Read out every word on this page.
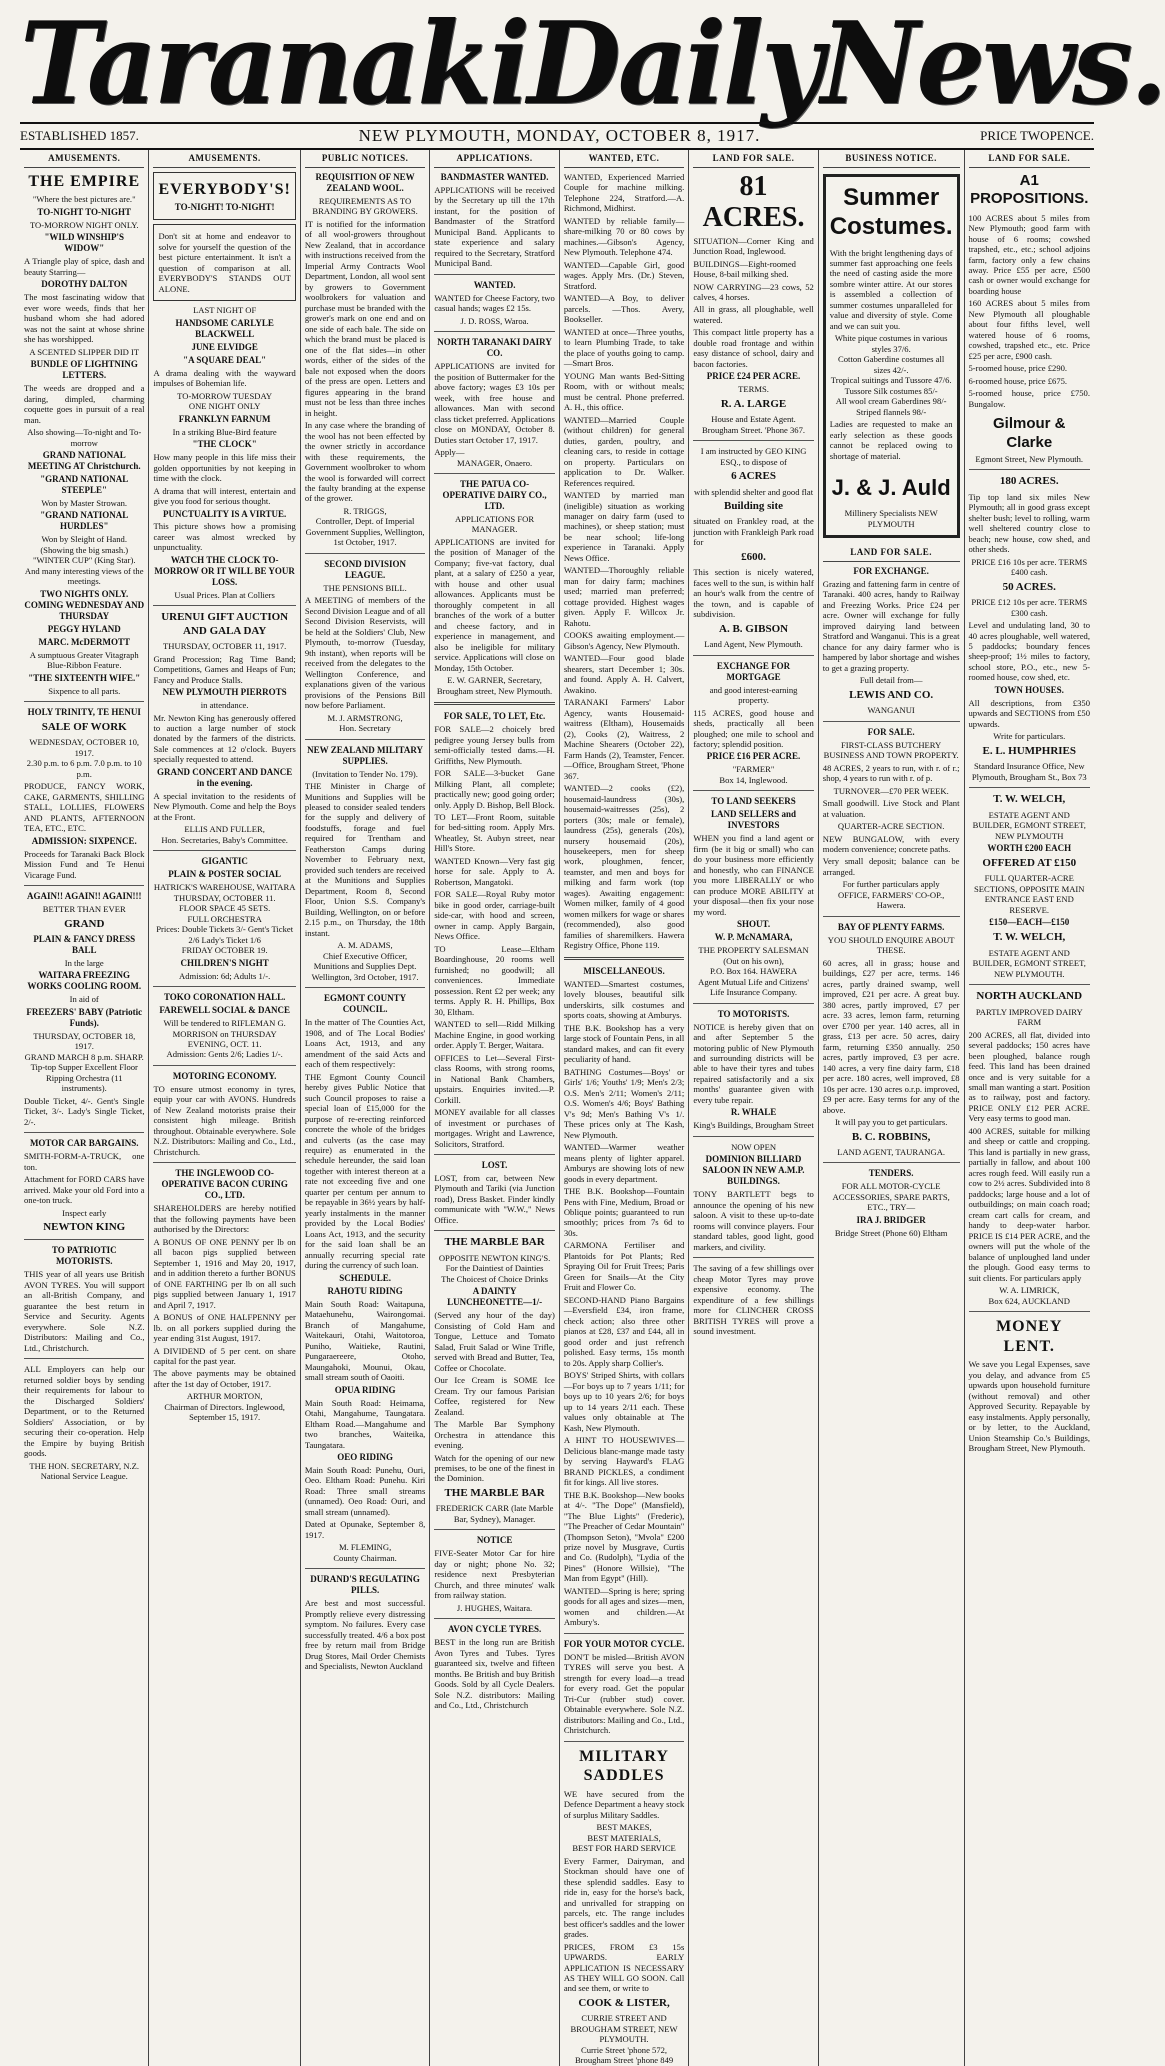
Taranaki Daily News.
ESTABLISHED 1857.	NEW PLYMOUTH, MONDAY, OCTOBER 8, 1917.	PRICE TWOPENCE.
AMUSEMENTS.
THE EMPIRE
"Where the best pictures are."
TO-NIGHT TO-NIGHT
TO-MORROW NIGHT ONLY.
"WILD WINSHIP'S WIDOW"

A Triangle play of spice, dash and beauty Starring—

DOROTHY DALTON

The most fascinating widow that ever wore weeds, finds that her husband whom she had adored was not the saint at whose shrine she has worshipped.

A SCENTED SLIPPER DID IT
BUNDLE OF LIGHTNING LETTERS.

The weeds are dropped and a daring, dimpled, charming coquette goes in pursuit of a real man.

Also showing—To-night and To-morrow
GRAND NATIONAL MEETING AT Christchurch.
"GRAND NATIONAL STEEPLE"
Won by Master Strowan.
"GRAND NATIONAL HURDLES"
Won by Sleight of Hand. (Showing the big smash.)
"WINTER CUP" (King Star).
And many interesting views of the meetings.
TWO NIGHTS ONLY. COMING WEDNESDAY AND THURSDAY
PEGGY HYLAND
MARC. McDERMOTT
A sumptuous Greater Vitagraph Blue-Ribbon Feature.
"THE SIXTEENTH WIFE."
Sixpence to all parts.
HOLY TRINITY, TE HENUI
SALE OF WORK
WEDNESDAY, OCTOBER 10, 1917.
2.30 p.m. to 6 p.m. 7.0 p.m. to 10 p.m.

PRODUCE, FANCY WORK, CAKE, GARMENTS, SHILLING STALL, LOLLIES, FLOWERS AND PLANTS, AFTERNOON TEA, ETC., ETC.

ADMISSION: SIXPENCE.

Proceeds for Taranaki Back Block Mission Fund and Te Henui Vicarage Fund.

AGAIN!! AGAIN!! AGAIN!!!
BETTER THAN EVER
GRAND
PLAIN & FANCY DRESS BALL
In the large
WAITARA FREEZING WORKS COOLING ROOM.
In aid of
FREEZERS' BABY (Patriotic Funds).
THURSDAY, OCTOBER 18, 1917.
GRAND MARCH 8 p.m. SHARP.
Tip-top Supper Excellent Floor
Ripping Orchestra (11 instruments).

Double Ticket, 4/-. Gent's Single Ticket, 3/-. Lady's Single Ticket, 2/-.

MOTOR CAR BARGAINS.

SMITH-FORM-A-TRUCK, one ton.

Attachment for FORD CARS have arrived. Make your old Ford into a one-ton truck.

Inspect early
NEWTON KING
TO PATRIOTIC MOTORISTS.

THIS year of all years use British AVON TYRES. You will support an all-British Company, and guarantee the best return in Service and Security. Agents everywhere. Sole N.Z. Distributors: Mailing and Co., Ltd., Christchurch.

ALL Employers can help our returned soldier boys by sending their requirements for labour to the Discharged Soldiers' Department, or to the Returned Soldiers' Association, or by securing their co-operation. Help the Empire by buying British goods.

THE HON. SECRETARY, N.Z. National Service League.
AMUSEMENTS.
EVERYBODY'S!
TO-NIGHT! TO-NIGHT!

Don't sit at home and endeavor to solve for yourself the question of the best picture entertainment. It isn't a question of comparison at all. EVERYBODY'S STANDS OUT ALONE.

LAST NIGHT OF
HANDSOME CARLYLE BLACKWELL
JUNE ELVIDGE
"A SQUARE DEAL"

A drama dealing with the wayward impulses of Bohemian life.

TO-MORROW TUESDAY
ONE NIGHT ONLY
FRANKLYN FARNUM
In a striking Blue-Bird feature
"THE CLOCK"

How many people in this life miss their golden opportunities by not keeping in time with the clock.

A drama that will interest, entertain and give you food for serious thought.

PUNCTUALITY IS A VIRTUE.

This picture shows how a promising career was almost wrecked by unpunctuality.

WATCH THE CLOCK TO-MORROW OR IT WILL BE YOUR LOSS.
Usual Prices. Plan at Colliers
URENUI GIFT AUCTION AND GALA DAY
THURSDAY, OCTOBER 11, 1917.

Grand Procession; Rag Time Band; Competitions, Games and Heaps of Fun; Fancy and Produce Stalls.

NEW PLYMOUTH PIERROTS
in attendance.

Mr. Newton King has generously offered to auction a large number of stock donated by the farmers of the districts. Sale commences at 12 o'clock. Buyers specially requested to attend.

GRAND CONCERT AND DANCE in the evening.

A special invitation to the residents of New Plymouth. Come and help the Boys at the Front.

ELLIS AND FULLER,
Hon. Secretaries, Baby's Committee.
GIGANTIC
PLAIN & POSTER SOCIAL
HATRICK'S WAREHOUSE, WAITARA THURSDAY, OCTOBER 11.
FLOOR SPACE 45 SETS.
FULL ORCHESTRA
Prices: Double Tickets 3/- Gent's Ticket 2/6 Lady's Ticket 1/6
FRIDAY OCTOBER 19.
CHILDREN'S NIGHT
Admission: 6d; Adults 1/-.
TOKO CORONATION HALL.
FAREWELL SOCIAL & DANCE
Will be tendered to RIFLEMAN G. MORRISON on THURSDAY EVENING, OCT. 11.
Admission: Gents 2/6; Ladies 1/-.
MOTORING ECONOMY.

TO ensure utmost economy in tyres, equip your car with AVONS. Hundreds of New Zealand motorists praise their consistent high mileage. British throughout. Obtainable everywhere. Sole N.Z. Distributors: Mailing and Co., Ltd., Christchurch.

THE INGLEWOOD CO-OPERATIVE BACON CURING CO., LTD.

SHAREHOLDERS are hereby notified that the following payments have been authorised by the Directors:

A BONUS OF ONE PENNY per lb on all bacon pigs supplied between September 1, 1916 and May 20, 1917, and in addition thereto a further BONUS of ONE FARTHING per lb on all such pigs supplied between January 1, 1917 and April 7, 1917.

A BONUS of ONE HALFPENNY per lb. on all porkers supplied during the year ending 31st August, 1917.

A DIVIDEND of 5 per cent. on share capital for the past year.

The above payments may be obtained after the 1st day of October, 1917.

ARTHUR MORTON,
Chairman of Directors. Inglewood, September 15, 1917.
PUBLIC NOTICES.
REQUISITION OF NEW ZEALAND WOOL.
REQUIREMENTS AS TO BRANDING BY GROWERS.

IT is notified for the information of all wool-growers throughout New Zealand, that in accordance with instructions received from the Imperial Army Contracts Wool Department, London, all wool sent by growers to Government woolbrokers for valuation and purchase must be branded with the grower's mark on one end and on one side of each bale. The side on which the brand must be placed is one of the flat sides—in other words, either of the sides of the bale not exposed when the doors of the press are open. Letters and figures appearing in the brand must not be less than three inches in height.

In any case where the branding of the wool has not been effected by the owner strictly in accordance with these requirements, the Government woolbroker to whom the wool is forwarded will correct the faulty branding at the expense of the grower.

R. TRIGGS,
Controller, Dept. of Imperial Government Supplies, Wellington, 1st October, 1917.
SECOND DIVISION LEAGUE.
THE PENSIONS BILL.

A MEETING of members of the Second Division League and of all Second Division Reservists, will be held at the Soldiers' Club, New Plymouth, to-morrow (Tuesday, 9th instant), when reports will be received from the delegates to the Wellington Conference, and explanations given of the various provisions of the Pensions Bill now before Parliament.

M. J. ARMSTRONG,
Hon. Secretary
NEW ZEALAND MILITARY SUPPLIES.
(Invitation to Tender No. 179).

THE Minister in Charge of Munitions and Supplies will be pleased to consider sealed tenders for the supply and delivery of foodstuffs, forage and fuel required for Trentham and Featherston Camps during November to February next, provided such tenders are received at the Munitions and Supplies Department, Room 8, Second Floor, Union S.S. Company's Building, Wellington, on or before 2.15 p.m., on Thursday, the 18th instant.

A. M. ADAMS,
Chief Executive Officer, Munitions and Supplies Dept. Wellington, 3rd October, 1917.
EGMONT COUNTY COUNCIL.

In the matter of The Counties Act, 1908, and of The Local Bodies' Loans Act, 1913, and any amendment of the said Acts and each of them respectively:

THE Egmont County Council hereby gives Public Notice that such Council proposes to raise a special loan of £15,000 for the purpose of re-erecting reinforced concrete the whole of the bridges and culverts (as the case may require) as enumerated in the schedule hereunder, the said loan together with interest thereon at a rate not exceeding five and one quarter per centum per annum to be repayable in 36½ years by half-yearly instalments in the manner provided by the Local Bodies' Loans Act, 1913, and the security for the said loan shall be an annually recurring special rate during the currency of such loan.

SCHEDULE.
RAHOTU RIDING

Main South Road: Waitapuna, Mataehunehu, Wairongomai. Branch of Mangahume, Waitekauri, Otahi, Waitotoroa, Puniho, Waitieke, Rautini, Pungaraereere, Otoho, Maungahoki, Mounui, Okau, small stream south of Oaoiti.

OPUA RIDING

Main South Road: Heimama, Otahi, Mangahume, Taungatara. Eltham Road.—Mangahume and two branches, Waiteika, Taungatara.

OEO RIDING

Main South Road: Punehu, Ouri, Oeo. Eltham Road: Punehu. Kiri Road: Three small streams (unnamed). Oeo Road: Ouri, and small stream (unnamed).

Dated at Opunake, September 8, 1917.

M. FLEMING,
County Chairman.
DURAND'S REGULATING PILLS.

Are best and most successful. Promptly relieve every distressing symptom. No failures. Every case successfully treated. 4/6 a box post free by return mail from Bridge Drug Stores, Mail Order Chemists and Specialists, Newton Auckland

APPLICATIONS.
BANDMASTER WANTED.

APPLICATIONS will be received by the Secretary up till the 17th instant, for the position of Bandmaster of the Stratford Municipal Band. Applicants to state experience and salary required to the Secretary, Stratford Municipal Band.

WANTED.

WANTED for Cheese Factory, two casual hands; wages £2 15s.

J. D. ROSS, Waroa.
NORTH TARANAKI DAIRY CO.

APPLICATIONS are invited for the position of Buttermaker for the above factory; wages £3 10s per week, with free house and allowances. Man with second class ticket preferred. Applications close on MONDAY, October 8. Duties start October 17, 1917.

Apply—
MANAGER, Onaero.
THE PATUA CO-OPERATIVE DAIRY CO., LTD.
APPLICATIONS FOR MANAGER.

APPLICATIONS are invited for the position of Manager of the Company; five-vat factory, dual plant, at a salary of £250 a year, with house and other usual allowances. Applicants must be thoroughly competent in all branches of the work of a butter and cheese factory, and in experience in management, and also be ineligible for military service. Applications will close on Monday, 15th October.

E. W. GARNER, Secretary, Brougham street, New Plymouth.
FOR SALE, TO LET, Etc.

FOR SALE—2 choicely bred pedigree young Jersey bulls from semi-officially tested dams.—H. Griffiths, New Plymouth.

FOR SALE—3-bucket Gane Milking Plant, all complete; practically new; good going order; only. Apply D. Bishop, Bell Block.

TO LET—Front Room, suitable for bed-sitting room. Apply Mrs. Wheatley, St. Aubyn street, near Hill's Store.

WANTED Known—Very fast gig horse for sale. Apply to A. Robertson, Mangatoki.

FOR SALE—Royal Ruby motor bike in good order, carriage-built side-car, with hood and screen, owner in camp. Apply Bargain, News Office.

TO Lease—Eltham Boardinghouse, 20 rooms well furnished; no goodwill; all conveniences. Immediate possession. Rent £2 per week; any terms. Apply R. H. Phillips, Box 30, Eltham.

WANTED to sell—Ridd Milking Machine Engine, in good working order. Apply T. Berger, Waitara.

OFFICES to Let—Several First-class Rooms, with strong rooms, in National Bank Chambers, upstairs. Enquiries invited.—P. Corkill.

MONEY available for all classes of investment or purchases of mortgages. Wright and Lawrence, Solicitors, Stratford.

LOST.

LOST, from car, between New Plymouth and Tariki (via Junction road), Dress Basket. Finder kindly communicate with "W.W.," News Office.

THE MARBLE BAR
OPPOSITE NEWTON KING'S.
For the Daintiest of Dainties
The Choicest of Choice Drinks
A DAINTY LUNCHEONETTE—1/-

(Served any hour of the day) Consisting of Cold Ham and Tongue, Lettuce and Tomato Salad, Fruit Salad or Wine Trifle, served with Bread and Butter, Tea, Coffee or Chocolate.

Our Ice Cream is SOME Ice Cream. Try our famous Parisian Coffee, registered for New Zealand.

The Marble Bar Symphony Orchestra in attendance this evening.

Watch for the opening of our new premises, to be one of the finest in the Dominion.

THE MARBLE BAR
FREDERICK CARR (late Marble Bar, Sydney), Manager.
NOTICE

FIVE-Seater Motor Car for hire day or night; phone No. 32; residence next Presbyterian Church, and three minutes' walk from railway station.

J. HUGHES, Waitara.
AVON CYCLE TYRES.

BEST in the long run are British Avon Tyres and Tubes. Tyres guaranteed six, twelve and fifteen months. Be British and buy British Goods. Sold by all Cycle Dealers. Sole N.Z. distributors: Mailing and Co., Ltd., Christchurch

WANTED, ETC.

WANTED, Experienced Married Couple for machine milking. Telephone 224, Stratford.—A. Richmond, Midhirst.

WANTED by reliable family—share-milking 70 or 80 cows by machines.—Gibson's Agency, New Plymouth. Telephone 474.

WANTED—Capable Girl, good wages. Apply Mrs. (Dr.) Steven, Stratford.

WANTED—A Boy, to deliver parcels. —Thos. Avery, Bookseller.

WANTED at once—Three youths, to learn Plumbing Trade, to take the place of youths going to camp.—Smart Bros.

YOUNG Man wants Bed-Sitting Room, with or without meals; must be central. Phone preferred. A. H., this office.

WANTED—Married Couple (without children) for general duties, garden, poultry, and cleaning cars, to reside in cottage on property. Particulars on application to Dr. Walker. References required.

WANTED by married man (ineligible) situation as working manager on dairy farm (used to machines), or sheep station; must be near school; life-long experience in Taranaki. Apply News Office.

WANTED—Thoroughly reliable man for dairy farm; machines used; married man preferred; cottage provided. Highest wages given. Apply F. Willcox Jr. Rahotu.

COOKS awaiting employment.—Gibson's Agency, New Plymouth.

WANTED—Four good blade shearers, start December 1; 30s. and found. Apply A. H. Calvert, Awakino.

TARANAKI Farmers' Labor Agency, wants Housemaid-waitress (Eltham), Housemaids (2), Cooks (2), Waitress, 2 Machine Shearers (October 22), Farm Hands (2), Teamster, Fencer.—Office, Brougham Street, 'Phone 367.

WANTED—2 cooks (£2), housemaid-laundress (30s), housemaid-waitresses (25s), 2 porters (30s; male or female), laundress (25s), generals (20s), nursery housemaid (20s), housekeepers, men for sheep work, ploughmen, fencer, teamster, and men and boys for milking and farm work (top wages). Awaiting engagement: Women milker, family of 4 good women milkers for wage or shares (recommended), also good families of sharemilkers. Hawera Registry Office, Phone 119.

MISCELLANEOUS.

WANTED—Smartest costumes, lovely blouses, beautiful silk underskirts, silk costumes and sports coats, showing at Amburys.

THE B.K. Bookshop has a very large stock of Fountain Pens, in all standard makes, and can fit every peculiarity of hand.

BATHING Costumes—Boys' or Girls' 1/6; Youths' 1/9; Men's 2/3; O.S. Men's 2/11; Women's 2/11; O.S. Women's 4/6; Boys' Bathing V's 9d; Men's Bathing V's 1/. These prices only at The Kash, New Plymouth.

WANTED—Warmer weather means plenty of lighter apparel. Amburys are showing lots of new goods in every department.

THE B.K. Bookshop—Fountain Pens with Fine, Medium, Broad or Oblique points; guaranteed to run smoothly; prices from 7s 6d to 30s.

CARMONA Fertiliser and Plantoids for Pot Plants; Red Spraying Oil for Fruit Trees; Paris Green for Snails—At the City Fruit and Flower Co.

SECOND-HAND Piano Bargains—Eversfield £34, iron frame, check action; also three other pianos at £28, £37 and £44, all in good order and just refrench polished. Easy terms, 15s month to 20s. Apply sharp Collier's.

BOYS' Striped Shirts, with collars—For boys up to 7 years 1/11; for boys up to 10 years 2/6; for boys up to 14 years 2/11 each. These values only obtainable at The Kash, New Plymouth.

A HINT TO HOUSEWIVES—Delicious blanc-mange made tasty by serving Hayward's FLAG BRAND PICKLES, a condiment fit for kings. All live stores.

THE B.K. Bookshop—New books at 4/-. "The Dope" (Mansfield), "The Blue Lights" (Frederic), "The Preacher of Cedar Mountain" (Thompson Seton), "Mvola" £200 prize novel by Musgrave, Curtis and Co. (Rudolph), "Lydia of the Pines" (Honore Willsie), "The Man from Egypt" (Hill).

WANTED—Spring is here; spring goods for all ages and sizes—men, women and children.—At Ambury's.

FOR YOUR MOTOR CYCLE.

DON'T be misled—British AVON TYRES will serve you best. A strength for every load—a tread for every road. Get the popular Tri-Cur (rubber stud) cover. Obtainable everywhere. Sole N.Z. distributors: Mailing and Co., Ltd., Christchurch.

MILITARY SADDLES

WE have secured from the Defence Department a heavy stock of surplus Military Saddles.

BEST MAKES,
BEST MATERIALS,
BEST FOR HARD SERVICE

Every Farmer, Dairyman, and Stockman should have one of these splendid saddles. Easy to ride in, easy for the horse's back, and unrivalled for strapping on parcels, etc. The range includes best officer's saddles and the lower grades.

PRICES, FROM £3 15s UPWARDS. EARLY APPLICATION IS NECESSARY AS THEY WILL GO SOON. Call and see them, or write to

COOK & LISTER,
CURRIE STREET AND BROUGHAM STREET, NEW PLYMOUTH.
Currie Street 'phone 572, Brougham Street 'phone 849
LAND FOR SALE.
81 ACRES.

SITUATION—Corner King and Junction Road, Inglewood.

BUILDINGS—Eight-roomed House, 8-bail milking shed.

NOW CARRYING—23 cows, 52 calves, 4 horses.

All in grass, all ploughable, well watered.

This compact little property has a double road frontage and within easy distance of school, dairy and bacon factories.

PRICE £24 PER ACRE.
TERMS.
R. A. LARGE
House and Estate Agent. Brougham Street. 'Phone 367.
I am instructed by GEO KING ESQ., to dispose of
6 ACRES
with splendid shelter and good flat
Building site

situated on Frankley road, at the junction with Frankleigh Park road for

£600.

This section is nicely watered, faces well to the sun, is within half an hour's walk from the centre of the town, and is capable of subdivision.

A. B. GIBSON
Land Agent, New Plymouth.
EXCHANGE FOR MORTGAGE
and good interest-earning property.

115 ACRES, good house and sheds, practically all been ploughed; one mile to school and factory; splendid position.

PRICE £16 PER ACRE.
"FARMER"
Box 14, Inglewood.
TO LAND SEEKERS
LAND SELLERS and INVESTORS

WHEN you find a land agent or firm (be it big or small) who can do your business more efficiently and honestly, who can FINANCE you more LIBERALLY or who can produce MORE ABILITY at your disposal—then fix your nose my word.

SHOUT.
W. P. McNAMARA,
THE PROPERTY SALESMAN (Out on his own),
P.O. Box 164. HAWERA
Agent Mutual Life and Citizens' Life Insurance Company.
TO MOTORISTS.

NOTICE is hereby given that on and after September 5 the motoring public of New Plymouth and surrounding districts will be able to have their tyres and tubes repaired satisfactorily and a six months' guarantee given with every tube repair.

R. WHALE
King's Buildings, Brougham Street
NOW OPEN
DOMINION BILLIARD SALOON IN NEW A.M.P. BUILDINGS.

TONY BARTLETT begs to announce the opening of his new saloon. A visit to these up-to-date rooms will convince players. Four standard tables, good light, good markers, and civility.

The saving of a few shillings over cheap Motor Tyres may prove expensive economy. The expenditure of a few shillings more for CLINCHER CROSS BRITISH TYRES will prove a sound investment.

BUSINESS NOTICE.
Summer
Costumes.

With the bright lengthening days of summer fast approaching one feels the need of casting aside the more sombre winter attire. At our stores is assembled a collection of summer costumes unparalleled for value and diversity of style. Come and we can suit you.

White pique costumes in various styles 37/6.
Cotton Gaberdine costumes all sizes 42/-.
Tropical suitings and Tussore 47/6.
Tussore Silk costumes 85/-
All wool cream Gaberdines 98/-
Striped flannels 98/-

Ladies are requested to make an early selection as these goods cannot be replaced owing to shortage of material.

J. & J. Auld
Millinery Specialists NEW PLYMOUTH
LAND FOR SALE.
FOR EXCHANGE.

Grazing and fattening farm in centre of Taranaki. 400 acres, handy to Railway and Freezing Works. Price £24 per acre. Owner will exchange for fully improved dairying land between Stratford and Wanganui. This is a great chance for any dairy farmer who is hampered by labor shortage and wishes to get a grazing property.

Full detail from—
LEWIS AND CO.
WANGANUI
FOR SALE.
FIRST-CLASS BUTCHERY BUSINESS AND TOWN PROPERTY.

48 ACRES, 2 years to run, with r. of r.; shop, 4 years to run with r. of p.

TURNOVER—£70 PER WEEK.

Small goodwill. Live Stock and Plant at valuation.

QUARTER-ACRE SECTION.

NEW BUNGALOW, with every modern convenience; concrete paths.

Very small deposit; balance can be arranged.

For further particulars apply
OFFICE, FARMERS' CO-OP., Hawera.
BAY OF PLENTY FARMS.
YOU SHOULD ENQUIRE ABOUT THESE.

60 acres, all in grass; house and buildings, £27 per acre, terms. 146 acres, partly drained swamp, well improved, £21 per acre. A great buy. 380 acres, partly improved, £7 per acre. 33 acres, lemon farm, returning over £700 per year. 140 acres, all in grass, £13 per acre. 50 acres, dairy farm, returning £350 annually. 250 acres, partly improved, £3 per acre. 140 acres, a very fine dairy farm, £18 per acre. 180 acres, well improved, £8 10s per acre. 130 acres o.r.p. improved, £9 per acre. Easy terms for any of the above.

It will pay you to get particulars.
B. C. ROBBINS,
LAND AGENT, TAURANGA.
TENDERS.
FOR ALL MOTOR-CYCLE ACCESSORIES, SPARE PARTS, ETC., TRY—
IRA J. BRIDGER
Bridge Street (Phone 60) Eltham
LAND FOR SALE.
A1 PROPOSITIONS.

100 ACRES about 5 miles from New Plymouth; good farm with house of 6 rooms; cowshed trapshed, etc., etc.; school adjoins farm, factory only a few chains away. Price £55 per acre, £500 cash or owner would exchange for boarding house

160 ACRES about 5 miles from New Plymouth all ploughable about four fifths level, well watered house of 6 rooms, cowshed, trapshed etc., etc. Price £25 per acre, £900 cash.

5-roomed house, price £290.

6-roomed house, price £675.

5-roomed house, price £750. Bungalow.

Gilmour & Clarke
Egmont Street, New Plymouth.
180 ACRES.

Tip top land six miles New Plymouth; all in good grass except shelter bush; level to rolling, warm well sheltered country close to beach; new house, cow shed, and other sheds.

PRICE £16 10s per acre. TERMS £400 cash.
50 ACRES.
PRICE £12 10s per acre. TERMS £300 cash.

Level and undulating land, 30 to 40 acres ploughable, well watered, 5 paddocks; boundary fences sheep-proof; 1½ miles to factory, school store, P.O., etc., new 5-roomed house, cow shed, etc.

TOWN HOUSES.

All descriptions, from £350 upwards and SECTIONS from £50 upwards.

Write for particulars.
E. L. HUMPHRIES
Standard Insurance Office, New Plymouth, Brougham St., Box 73
T. W. WELCH,
ESTATE AGENT AND BUILDER, EGMONT STREET, NEW PLYMOUTH
WORTH £200 EACH
OFFERED AT £150
FULL QUARTER-ACRE SECTIONS, OPPOSITE MAIN ENTRANCE EAST END RESERVE.
£150—EACH—£150
T. W. WELCH,
ESTATE AGENT AND BUILDER, EGMONT STREET, NEW PLYMOUTH.
NORTH AUCKLAND
PARTLY IMPROVED DAIRY FARM

200 ACRES, all flat, divided into several paddocks; 150 acres have been ploughed, balance rough feed. This land has been drained once and is very suitable for a small man wanting a start. Position as to railway, post and factory. PRICE ONLY £12 PER ACRE. Very easy terms to good man.

400 ACRES, suitable for milking and sheep or cattle and cropping. This land is partially in new grass, partially in fallow, and about 100 acres rough feed. Will easily run a cow to 2½ acres. Subdivided into 8 paddocks; large house and a lot of outbuildings; on main coach road; cream cart calls for cream, and handy to deep-water harbor. PRICE IS £14 PER ACRE, and the owners will put the whole of the balance of unploughed land under the plough. Good easy terms to suit clients. For particulars apply

W. A. LIMRICK,
Box 624, AUCKLAND
MONEY LENT.

We save you Legal Expenses, save you delay, and advance from £5 upwards upon household furniture (without removal) and other Approved Security. Repayable by easy instalments. Apply personally, or by letter, to the Auckland, Union Steamship Co.'s Buildings, Brougham Street, New Plymouth.
